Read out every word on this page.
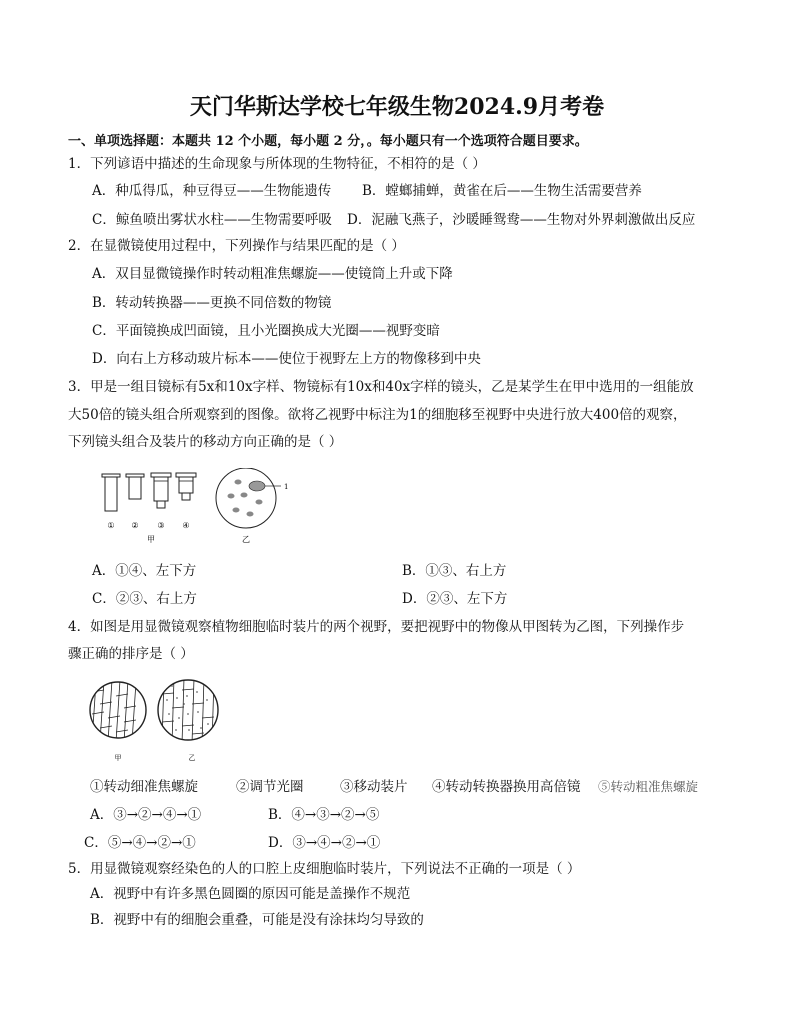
天门华斯达学校七年级生物2024.9月考卷
一、单项选择题：本题共 12 个小题，每小题 2 分，。每小题只有一个选项符合题目要求。
1．下列谚语中描述的生命现象与所体现的生物特征，不相符的是（ ）
A．种瓜得瓜，种豆得豆——生物能遗传 B．螳螂捕蝉，黄雀在后——生物生活需要营养
C．鲸鱼喷出雾状水柱——生物需要呼吸 D．泥融飞燕子，沙暖睡鸳鸯——生物对外界刺激做出反应
2．在显微镜使用过程中，下列操作与结果匹配的是（ ）
A．双目显微镜操作时转动粗准焦螺旋——使镜筒上升或下降
B．转动转换器——更换不同倍数的物镜
C．平面镜换成凹面镜，且小光圈换成大光圈——视野变暗
D．向右上方移动玻片标本——使位于视野左上方的物像移到中央
3．甲是一组目镜标有5x和10x字样、物镜标有10x和40x字样的镜头，乙是某学生在甲中选用的一组能放
大50倍的镜头组合所观察到的图像。欲将乙视野中标注为1的细胞移至视野中央进行放大400倍的观察，
下列镜头组合及装片的移动方向正确的是（ ）
① ② ③ ④
甲
1
乙
A．①④、左下方	B．①③、右上方
C．②③、右上方	D．②③、左下方
4．如图是用显微镜观察植物细胞临时装片的两个视野，要把视野中的物像从甲图转为乙图，下列操作步
骤正确的排序是（ ）
甲	乙
①转动细准焦螺旋	②调节光圈	③移动装片 ④转动转换器换用高倍镜 ⑤转动粗准焦螺旋
A．③→②→④→①	B．④→③→②→⑤
C．⑤→④→②→①	D．③→④→②→①
5．用显微镜观察经染色的人的口腔上皮细胞临时装片，下列说法不正确的一项是（ ）
A．视野中有许多黑色圆圈的原因可能是盖操作不规范
B．视野中有的细胞会重叠，可能是没有涂抹均匀导致的
